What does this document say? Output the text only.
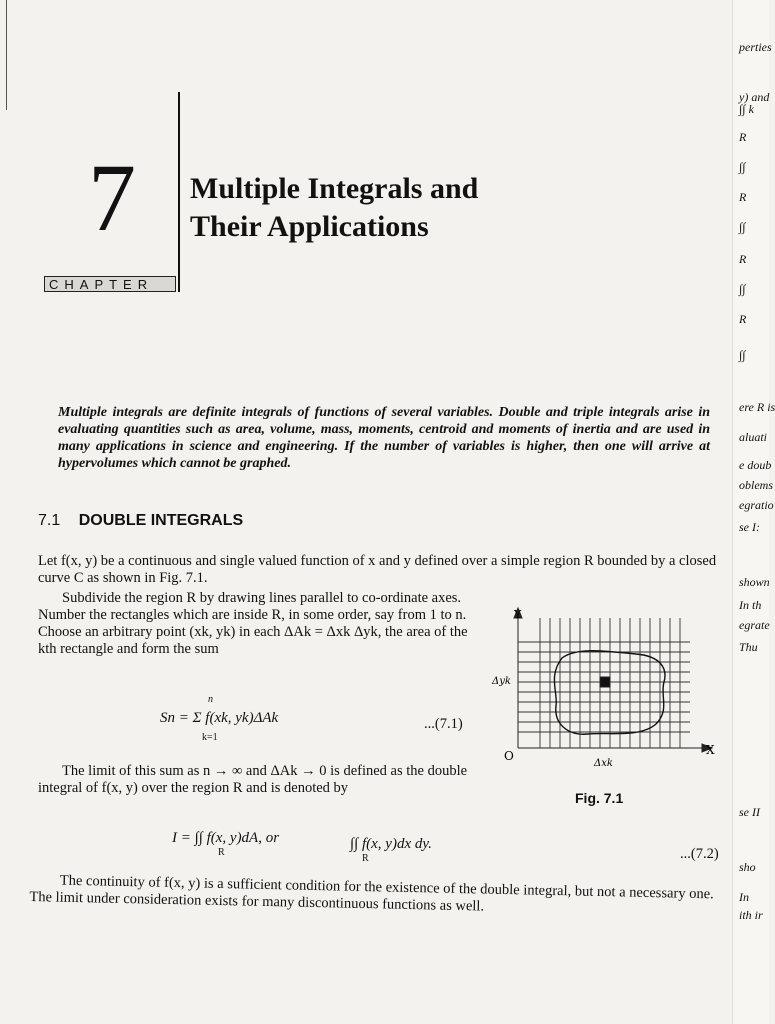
7 Multiple Integrals and
Their Applications
CHAPTER
Multiple integrals are definite integrals of functions of several variables. Double and triple integrals arise in evaluating quantities such as area, volume, mass, moments, centroid and moments of inertia and are used in many applications in science and engineering. If the number of variables is higher, then one will arrive at hypervolumes which cannot be graphed.
7.1 DOUBLE INTEGRALS
Let f(x, y) be a continuous and single valued function of x and y defined over a simple region R bounded by a closed curve C as shown in Fig. 7.1.
Subdivide the region R by drawing lines parallel to co-ordinate axes. Number the rectangles which are inside R, in some order, say from 1 to n. Choose an arbitrary point (xk, yk) in each ΔAk = Δxk Δyk, the area of the kth rectangle and form the sum
n
Sn = Σ f(xk, yk)ΔAk
k=1
...(7.1)
The limit of this sum as n → ∞ and ΔAk → 0 is defined as the double integral of f(x, y) over the region R and is denoted by
I = ∫∫ f(x, y)dA, or
R
∫∫ f(x, y)dx dy.
R	...(7.2)
The continuity of f(x, y) is a sufficient condition for the existence of the double integral, but not a necessary one. The limit under consideration exists for many discontinuous functions as well.
Y
X
O
Δyk
Δxk
Fig. 7.1
perties
y) and
∫∫ k
R
∫∫
R
∫∫
R
∫∫
R
∫∫
ere R is
aluati
e doub
oblems
egratio
se I:
shown
In th
egrate
Thu
se II
sho
In
ith ir
